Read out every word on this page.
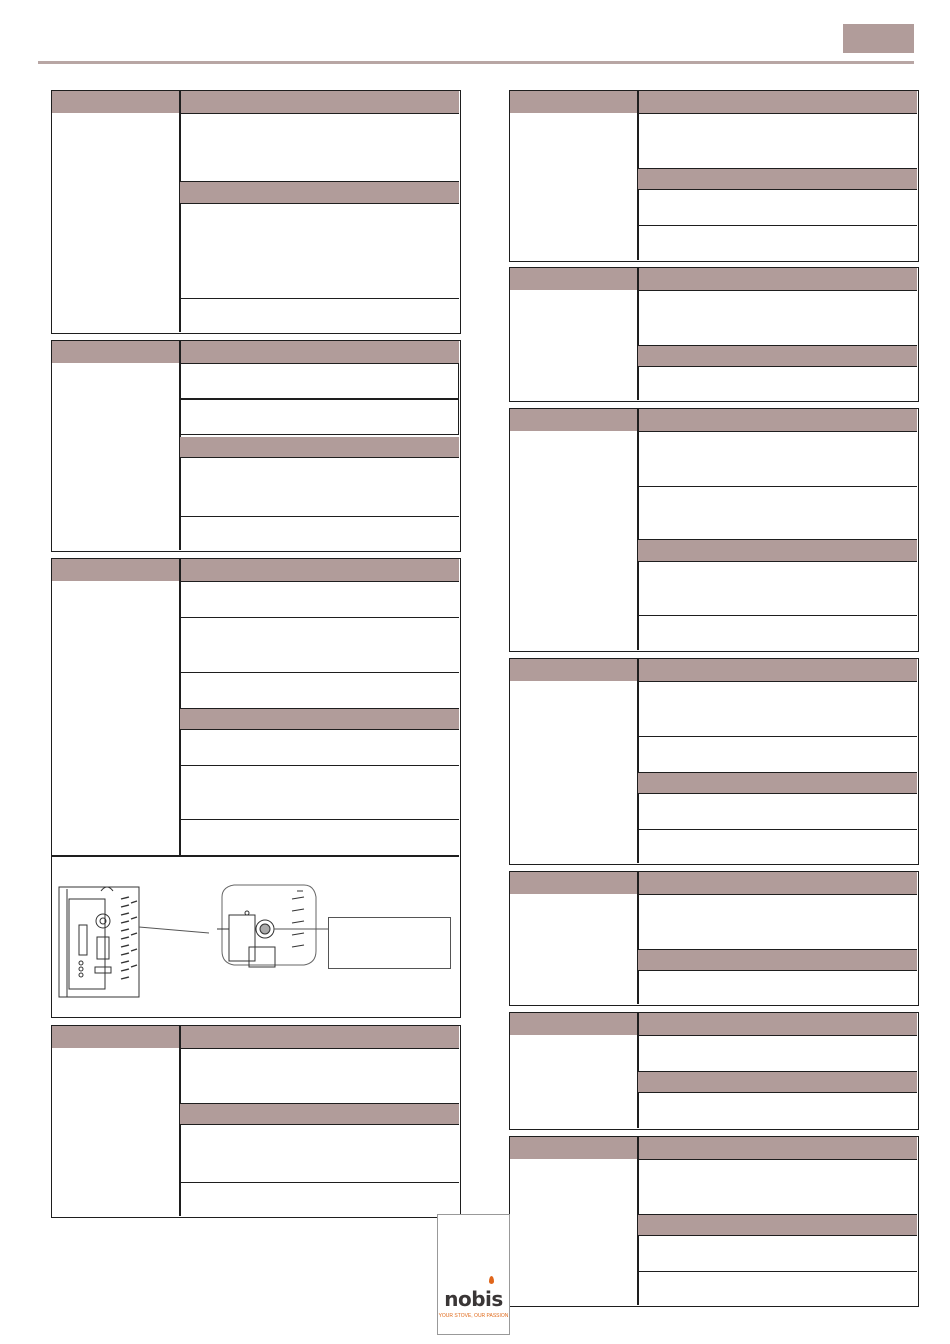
nobis
YOUR STOVE, OUR PASSION
